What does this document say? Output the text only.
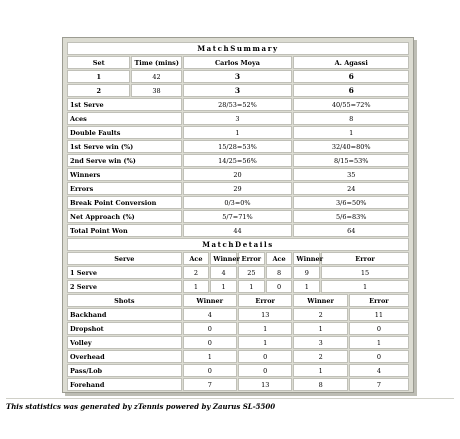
MatchSummary								
Set	Time (mins)	Carlos Moya				A. Agassi		
1	42	3				6		
2	38	3				6		
1st Serve		28/53=52%				40/55=72%		
Aces		3				8		
Double Faults		1				1		
1st Serve win (%)		15/28=53%				32/40=80%		
2nd Serve win (%)		14/25=56%				8/15=53%		
Winners		20				35		
Errors		29				24		
Break Point Conversion		0/3=0%				3/6=50%		
Net Approach (%)		5/7=71%				5/6=83%		
Total Point Won		44				64		
MatchDetails								
Serve		Ace	Winner	Error	Ace	Winner	Error	
1 Serve		2	4	25	8	9	15	
2 Serve		1	1	1	0	1	1	
Shots		Winner		Error		Winner		Error
Backhand		4		13		2		11
Dropshot		0		1		1		0
Volley		0		1		3		1
Overhead		1		0		2		0
Pass/Lob		0		0		1		4
Forehand		7		13		8		7
This statistics was generated by zTennis powered by Zaurus SL-5500
